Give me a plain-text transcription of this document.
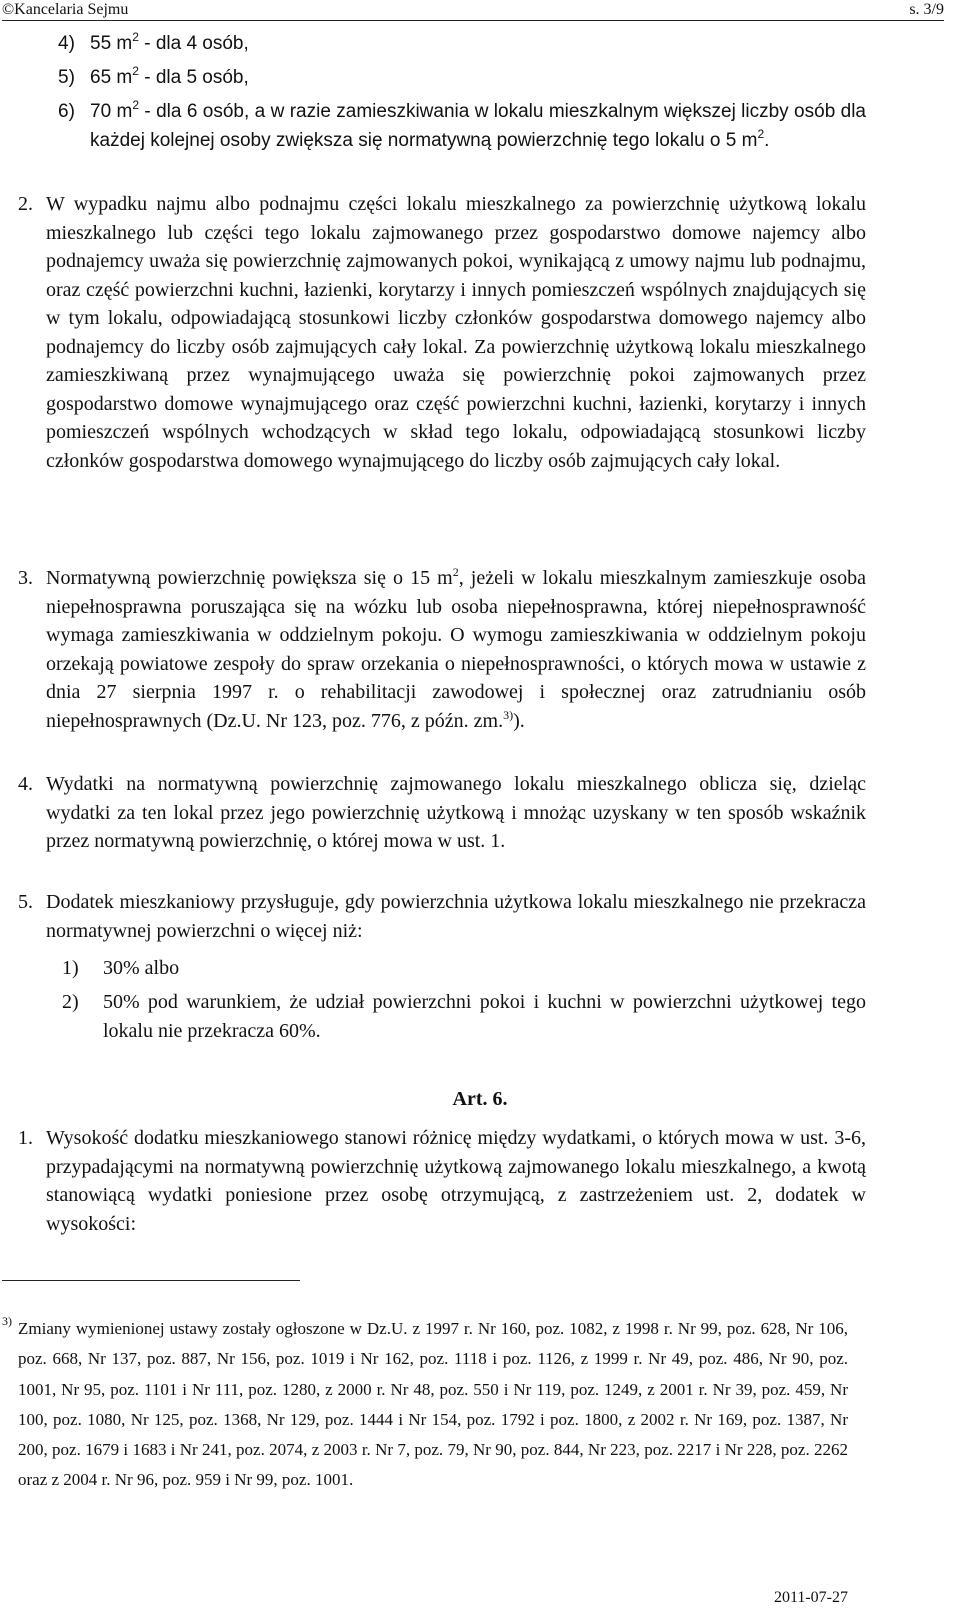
©Kancelaria Sejmu	s. 3/9
4) 55 $m^2$ - dla 4 osób,
5) 65 $m^2$ - dla 5 osób,
6) 70 $m^2$ - dla 6 osób, a w razie zamieszkiwania w lokalu mieszkalnym większej liczby osób dla każdej kolejnej osoby zwiększa się normatywną powierzchnię tego lokalu o 5 $m^2$.
2. W wypadku najmu albo podnajmu części lokalu mieszkalnego za powierzchnię użytkową lokalu mieszkalnego lub części tego lokalu zajmowanego przez gospodarstwo domowe najemcy albo podnajemcy uważa się powierzchnię zajmowanych pokoi, wynikającą z umowy najmu lub podnajmu, oraz część powierzchni kuchni, łazienki, korytarzy i innych pomieszczeń wspólnych znajdujących się w tym lokalu, odpowiadającą stosunkowi liczby członków gospodarstwa domowego najemcy albo podnajemcy do liczby osób zajmujących cały lokal. Za powierzchnię użytkową lokalu mieszkalnego zamieszkiwaną przez wynajmującego uważa się powierzchnię pokoi zajmowanych przez gospodarstwo domowe wynajmującego oraz część powierzchni kuchni, łazienki, korytarzy i innych pomieszczeń wspólnych wchodzących w skład tego lokalu, odpowiadającą stosunkowi liczby członków gospodarstwa domowego wynajmującego do liczby osób zajmujących cały lokal.
3. Normatywną powierzchnię powiększa się o 15 $m^2$, jeżeli w lokalu mieszkalnym zamieszkuje osoba niepełnosprawna poruszająca się na wózku lub osoba niepełnosprawna, której niepełnosprawność wymaga zamieszkiwania w oddzielnym pokoju. O wymogu zamieszkiwania w oddzielnym pokoju orzekają powiatowe zespoły do spraw orzekania o niepełnosprawności, o których mowa w ustawie z dnia 27 sierpnia 1997 r. o rehabilitacji zawodowej i społecznej oraz zatrudnianiu osób niepełnosprawnych (Dz.U. Nr 123, poz. 776, z późn. zm.$^{3)}$).
4. Wydatki na normatywną powierzchnię zajmowanego lokalu mieszkalnego oblicza się, dzieląc wydatki za ten lokal przez jego powierzchnię użytkową i mnożąc uzyskany w ten sposób wskaźnik przez normatywną powierzchnię, o której mowa w ust. 1.
5. Dodatek mieszkaniowy przysługuje, gdy powierzchnia użytkowa lokalu mieszkalnego nie przekracza normatywnej powierzchni o więcej niż:
1) 30% albo
2) 50% pod warunkiem, że udział powierzchni pokoi i kuchni w powierzchni użytkowej tego lokalu nie przekracza 60%.
Art. 6.
1. Wysokość dodatku mieszkaniowego stanowi różnicę między wydatkami, o których mowa w ust. 3-6, przypadającymi na normatywną powierzchnię użytkową zajmowanego lokalu mieszkalnego, a kwotą stanowiącą wydatki poniesione przez osobę otrzymującą, z zastrzeżeniem ust. 2, dodatek w wysokości:
3) Zmiany wymienionej ustawy zostały ogłoszone w Dz.U. z 1997 r. Nr 160, poz. 1082, z 1998 r. Nr 99, poz. 628, Nr 106, poz. 668, Nr 137, poz. 887, Nr 156, poz. 1019 i Nr 162, poz. 1118 i poz. 1126, z 1999 r. Nr 49, poz. 486, Nr 90, poz. 1001, Nr 95, poz. 1101 i Nr 111, poz. 1280, z 2000 r. Nr 48, poz. 550 i Nr 119, poz. 1249, z 2001 r. Nr 39, poz. 459, Nr 100, poz. 1080, Nr 125, poz. 1368, Nr 129, poz. 1444 i Nr 154, poz. 1792 i poz. 1800, z 2002 r. Nr 169, poz. 1387, Nr 200, poz. 1679 i 1683 i Nr 241, poz. 2074, z 2003 r. Nr 7, poz. 79, Nr 90, poz. 844, Nr 223, poz. 2217 i Nr 228, poz. 2262 oraz z 2004 r. Nr 96, poz. 959 i Nr 99, poz. 1001.
2011-07-27
